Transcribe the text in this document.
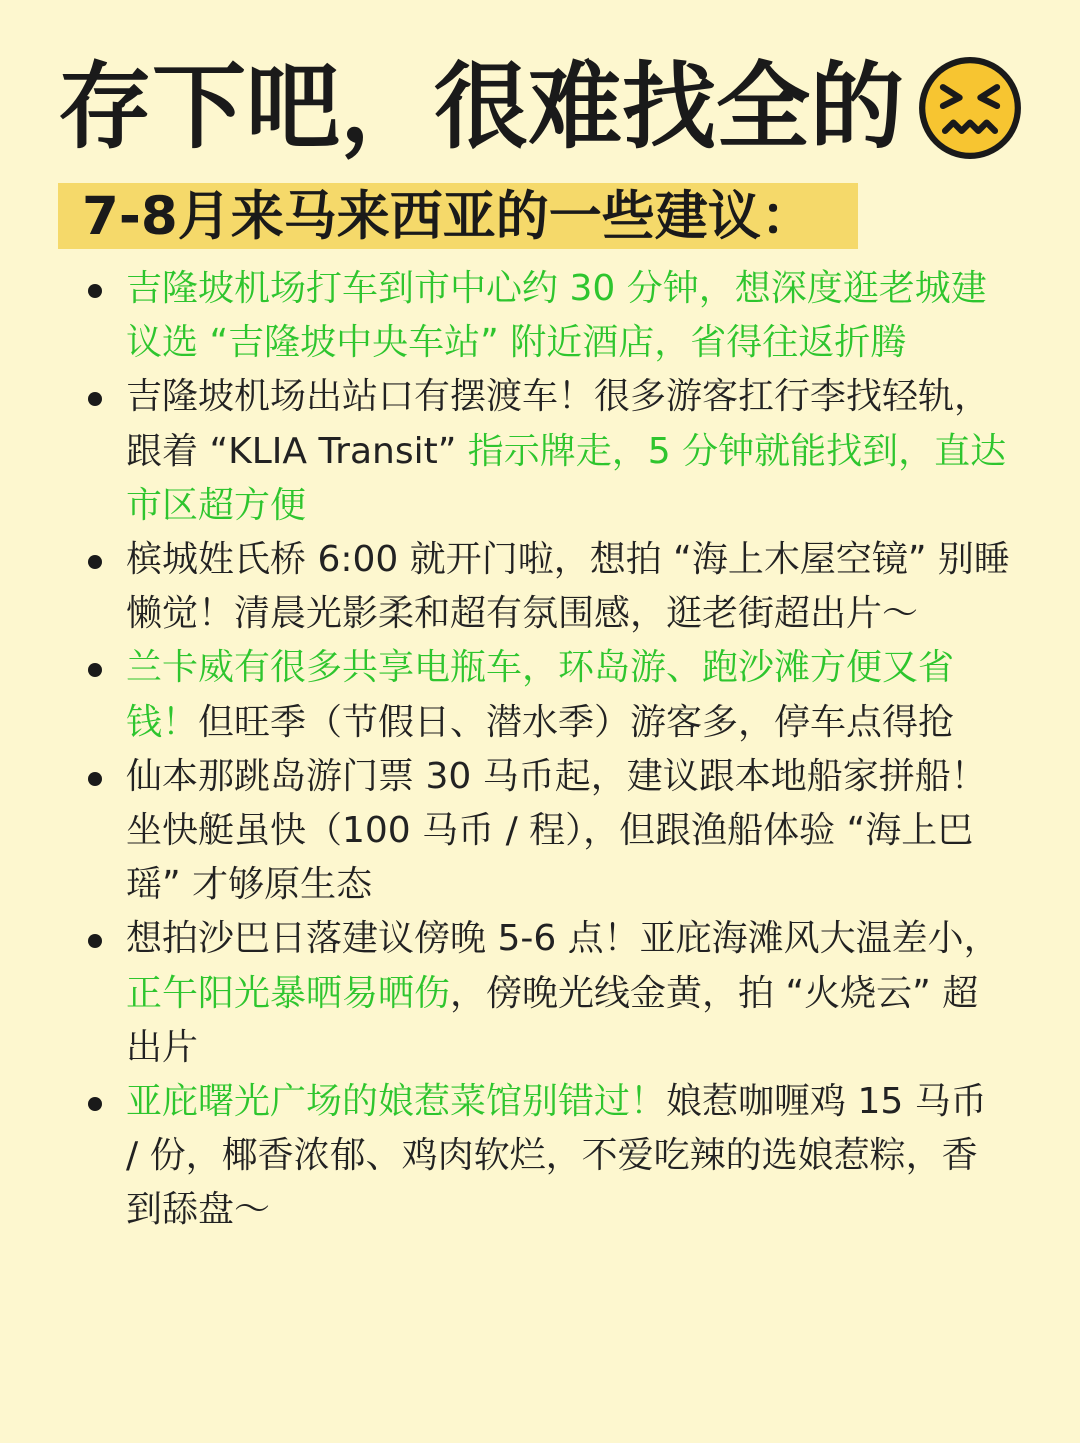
存下吧，很难找全的
7-8月来马来西亚的一些建议：
吉隆坡机场打车到市中心约 30 分钟，想深度逛老城建议选 “吉隆坡中央车站” 附近酒店，省得往返折腾
吉隆坡机场出站口有摆渡车！很多游客扛行李找轻轨，跟着 “KLIA Transit” 指示牌走，5 分钟就能找到，直达市区超方便
槟城姓氏桥 6:00 就开门啦，想拍 “海上木屋空镜” 别睡懒觉！清晨光影柔和超有氛围感，逛老街超出片～
兰卡威有很多共享电瓶车，环岛游、跑沙滩方便又省钱！但旺季（节假日、潜水季）游客多，停车点得抢
仙本那跳岛游门票 30 马币起，建议跟本地船家拼船！坐快艇虽快（100 马币 / 程），但跟渔船体验 “海上巴瑶” 才够原生态
想拍沙巴日落建议傍晚 5-6 点！亚庇海滩风大温差小，正午阳光暴晒易晒伤，傍晚光线金黄，拍 “火烧云” 超出片
亚庇曙光广场的娘惹菜馆别错过！娘惹咖喱鸡 15 马币 / 份，椰香浓郁、鸡肉软烂，不爱吃辣的选娘惹粽，香到舔盘～
